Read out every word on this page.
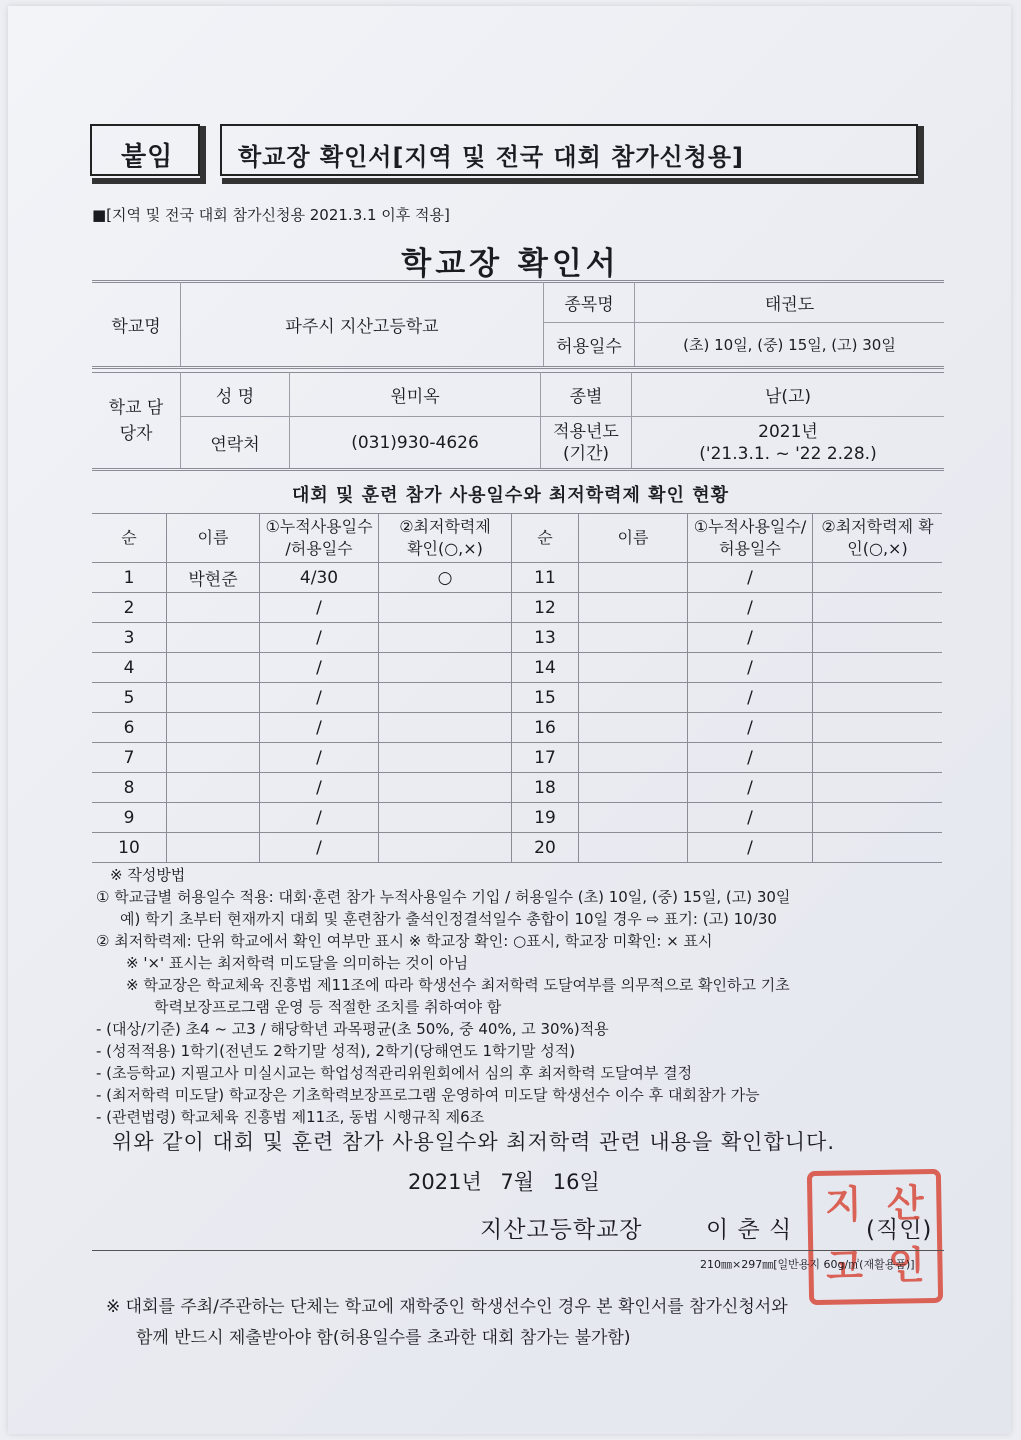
붙임	학교장 확인서[지역 및 전국 대회 참가신청용]
■[지역 및 전국 대회 참가신청용 2021.3.1 이후 적용]
학교장 확인서
학교명	파주시 지산고등학교	종목명	태권도
		허용일수	(초) 10일, (중) 15일, (고) 30일
학교 담당자	성 명	원미옥	종별	남(고)
	연락처	(031)930-4626	적용년도 (기간)	2021년
('21.3.1. ~ '22 2.28.)
대회 및 훈련 참가 사용일수와 최저학력제 확인 현황
순	이름	①누적사용일수 /허용일수	②최저학력제 확인(○,×)	순	이름	①누적사용일수/ 허용일수	②최저학력제 확인(○,×)
1	박현준	4/30	○	11		/	
2		/		12		/	
3		/		13		/	
4		/		14		/	
5		/		15		/	
6		/		16		/	
7		/		17		/	
8		/		18		/	
9		/		19		/	
10		/		20		/	
※ 작성방법
① 학교급별 허용일수 적용: 대회·훈련 참가 누적사용일수 기입 / 허용일수 (초) 10일, (중) 15일, (고) 30일
예) 학기 초부터 현재까지 대회 및 훈련참가 출석인정결석일수 총합이 10일 경우 ⇨ 표기: (고) 10/30
② 최저학력제: 단위 학교에서 확인 여부만 표시 ※ 학교장 확인: ○표시, 학교장 미확인: × 표시
※ '×' 표시는 최저학력 미도달을 의미하는 것이 아님
※ 학교장은 학교체육 진흥법 제11조에 따라 학생선수 최저학력 도달여부를 의무적으로 확인하고 기초
학력보장프로그램 운영 등 적절한 조치를 취하여야 함
- (대상/기준) 초4 ~ 고3 / 해당학년 과목평균(초 50%, 중 40%, 고 30%)적용
- (성적적용) 1학기(전년도 2학기말 성적), 2학기(당해연도 1학기말 성적)
- (초등학교) 지필고사 미실시교는 학업성적관리위원회에서 심의 후 최저학력 도달여부 결정
- (최저학력 미도달) 학교장은 기초학력보장프로그램 운영하여 미도달 학생선수 이수 후 대회참가 가능
- (관련법령) 학교체육 진흥법 제11조, 동법 시행규칙 제6조
위와 같이 대회 및 훈련 참가 사용일수와 최저학력 관련 내용을 확인합니다.
2021년 7월 16일
지산고등학교장	이 춘 식	(직인)
지 산
고 인
210㎜×297㎜[일반용지 60g/㎡(재활용품)]
※ 대회를 주최/주관하는 단체는 학교에 재학중인 학생선수인 경우 본 확인서를 참가신청서와
함께 반드시 제출받아야 함(허용일수를 초과한 대회 참가는 불가함)
